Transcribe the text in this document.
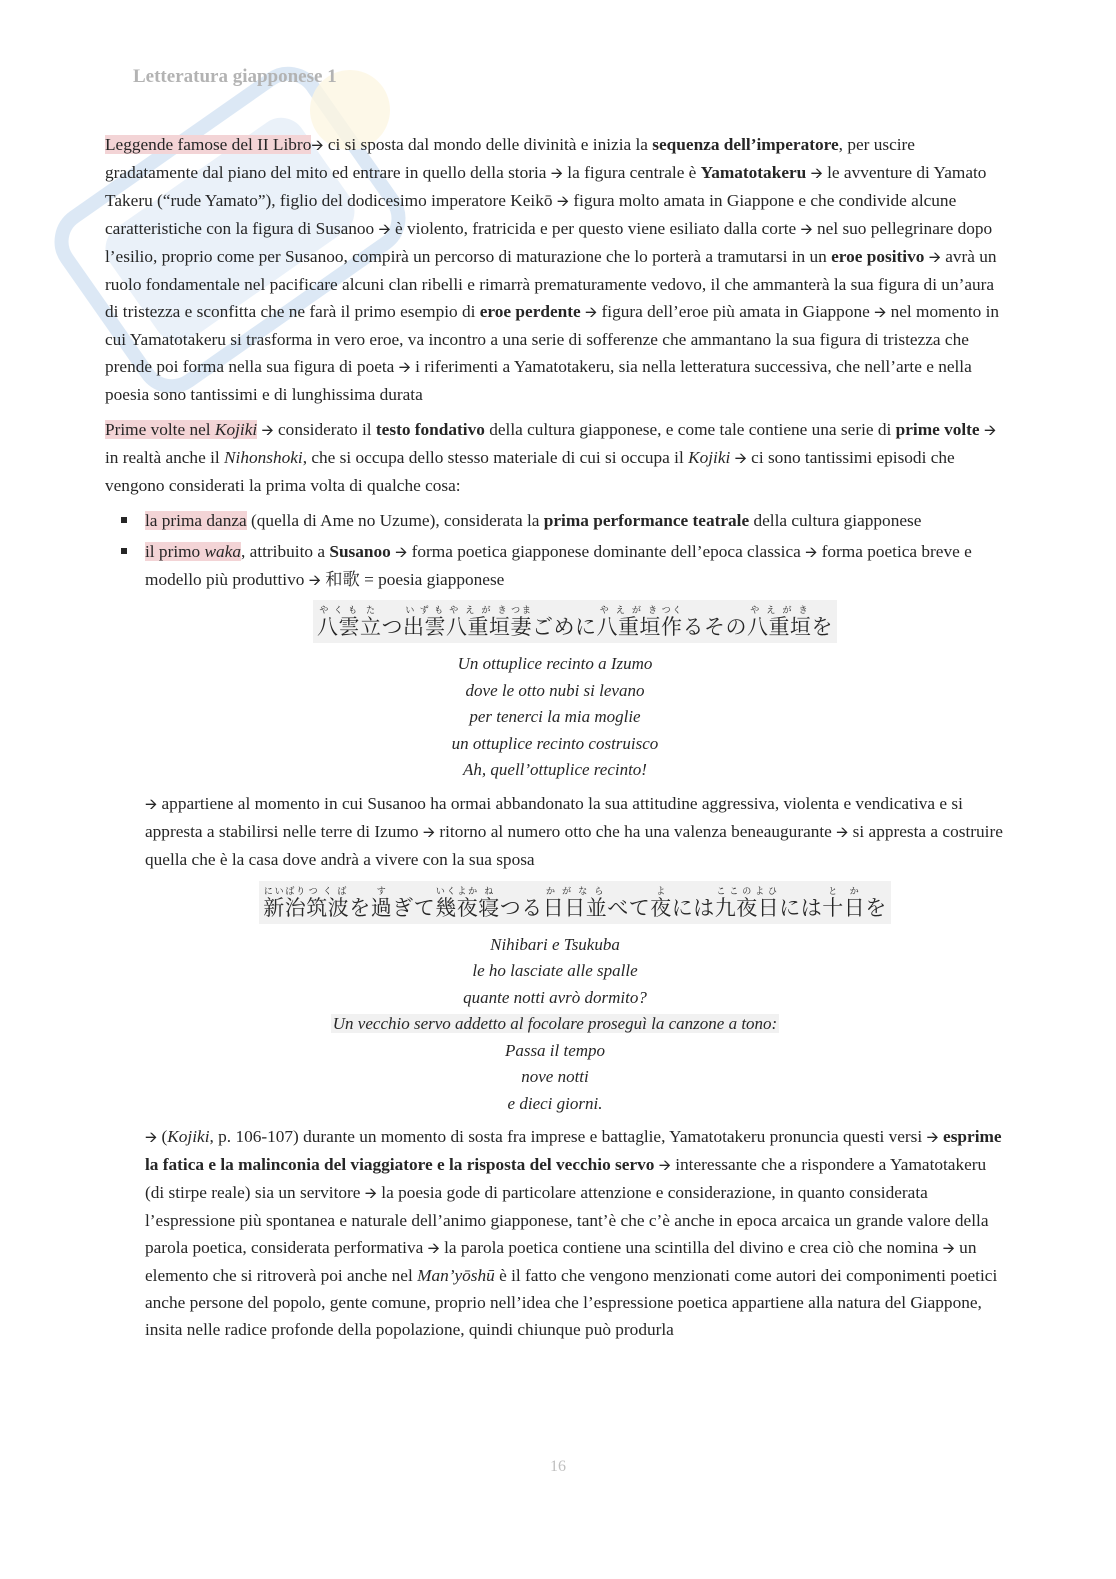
Letteratura giapponese 1

Leggende famose del II Libro🡪 ci si sposta dal mondo delle divinità e inizia la sequenza dell’imperatore, per uscire gradatamente dal piano del mito ed entrare in quello della storia 🡪 la figura centrale è Yamatotakeru 🡪 le avventure di Yamato Takeru (“rude Yamato”), figlio del dodicesimo imperatore Keikō 🡪 figura molto amata in Giappone e che condivide alcune caratteristiche con la figura di Susanoo 🡪 è violento, fratricida e per questo viene esiliato dalla corte 🡪 nel suo pellegrinare dopo l’esilio, proprio come per Susanoo, compirà un percorso di maturazione che lo porterà a tramutarsi in un eroe positivo 🡪 avrà un ruolo fondamentale nel pacificare alcuni clan ribelli e rimarrà prematuramente vedovo, il che ammanterà la sua figura di un’aura di tristezza e sconfitta che ne farà il primo esempio di eroe perdente 🡪 figura dell’eroe più amata in Giappone 🡪 nel momento in cui Yamatotakeru si trasforma in vero eroe, va incontro a una serie di sofferenze che ammantano la sua figura di tristezza che prende poi forma nella sua figura di poeta 🡪 i riferimenti a Yamatotakeru, sia nella letteratura successiva, che nell’arte e nella poesia sono tantissimi e di lunghissima durata

Prime volte nel Kojiki 🡪 considerato il testo fondativo della cultura giapponese, e come tale contiene una serie di prime volte 🡪 in realtà anche il Nihonshoki, che si occupa dello stesso materiale di cui si occupa il Kojiki 🡪 ci sono tantissimi episodi che vengono considerati la prima volta di qualche cosa:

la prima danza (quella di Ame no Uzume), considerata la prima performance teatrale della cultura giapponese
il primo waka, attribuito a Susanoo 🡪 forma poetica giapponese dominante dell’epoca classica 🡪 forma poetica breve e modello più produttivo 🡪 和歌 = poesia giapponese
八雲やくも立たつ出雲いずも八重垣やえがき妻つまごめに八重垣やえがき作つくるその八重垣やえがきを
Un ottuplice recinto a Izumo
dove le otto nubi si levano
per tenerci la mia moglie
un ottuplice recinto costruisco
Ah, quell’ottuplice recinto!

🡪 appartiene al momento in cui Susanoo ha ormai abbandonato la sua attitudine aggressiva, violenta e vendicativa e si appresta a stabilirsi nelle terre di Izumo 🡪 ritorno al numero otto che ha una valenza beneaugurante 🡪 si appresta a costruire quella che è la casa dove andrà a vivere con la sua sposa

新治にいばり筑波つくばを過すぎて幾夜いくよか寝ねつる日日並かがならべて夜よには九夜日ここのよひには十日とかを
Nihibari e Tsukuba
le ho lasciate alle spalle
quante notti avrò dormito?
Un vecchio servo addetto al focolare proseguì la canzone a tono:
Passa il tempo
nove notti
e dieci giorni.

🡪 (Kojiki, p. 106-107) durante un momento di sosta fra imprese e battaglie, Yamatotakeru pronuncia questi versi 🡪 esprime la fatica e la malinconia del viaggiatore e la risposta del vecchio servo 🡪 interessante che a rispondere a Yamatotakeru (di stirpe reale) sia un servitore 🡪 la poesia gode di particolare attenzione e considerazione, in quanto considerata l’espressione più spontanea e naturale dell’animo giapponese, tant’è che c’è anche in epoca arcaica un grande valore della parola poetica, considerata performativa 🡪 la parola poetica contiene una scintilla del divino e crea ciò che nomina 🡪 un elemento che si ritroverà poi anche nel Man’yōshū è il fatto che vengono menzionati come autori dei componimenti poetici anche persone del popolo, gente comune, proprio nell’idea che l’espressione poetica appartiene alla natura del Giappone, insita nelle radice profonde della popolazione, quindi chiunque può produrla

16
